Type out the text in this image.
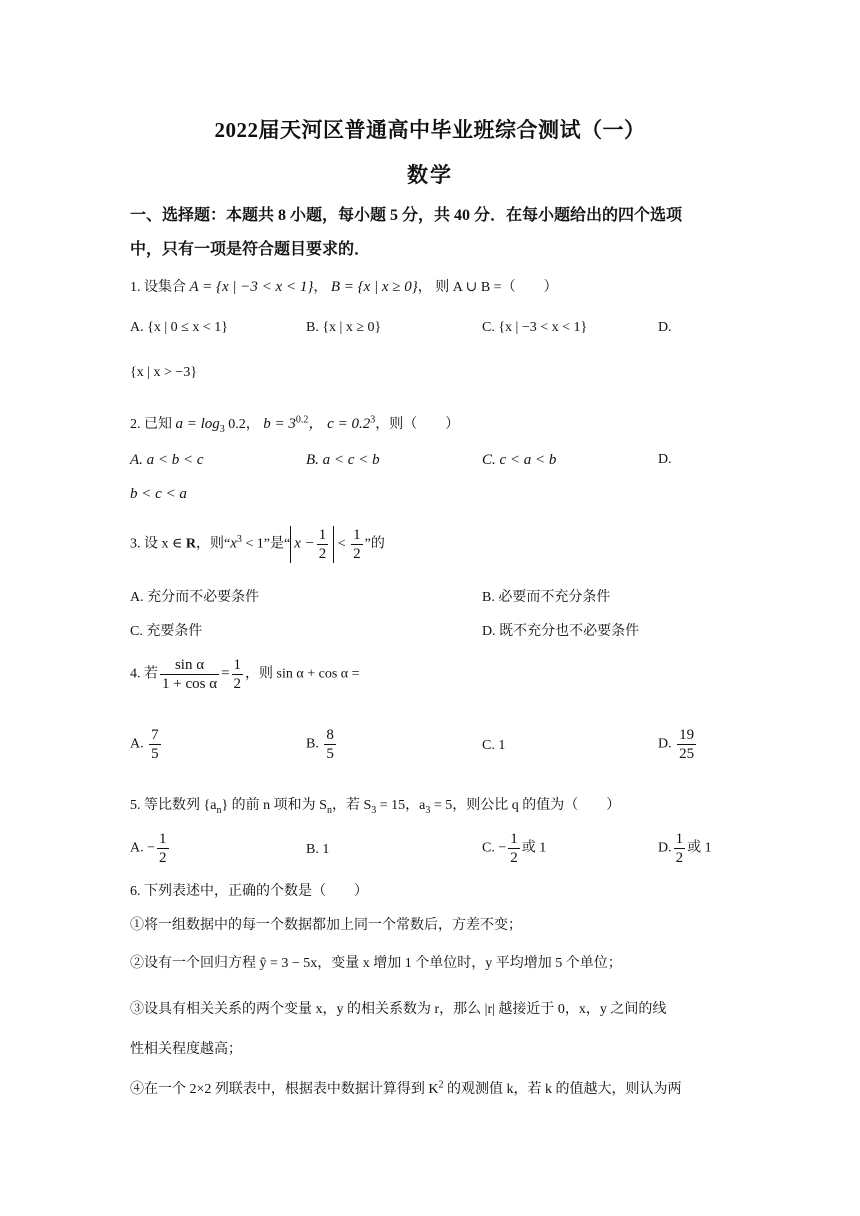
2022届天河区普通高中毕业班综合测试（一）
数学
一、选择题：本题共 8 小题，每小题 5 分，共 40 分．在每小题给出的四个选项
中，只有一项是符合题目要求的．
1. 设集合 A = {x | −3 < x < 1}， B = {x | x ≥ 0}， 则 A ∪ B =（　　）
A. {x | 0 ≤ x < 1}	B. {x | x ≥ 0}	C. {x | −3 < x < 1}	D.
{x | x > −3}
2. 已知 $a = \log_3 0.2$， $b = 3^{0.2}$， $c = 0.2^3$，则（　　）
A. a < b < c	B. a < c < b	C. c < a < b	D.
b < c < a
3. 设 x ∈ R，则“$x^3 < 1$”是“ $x - \frac{1}{2} < \frac{1}{2}$ ”的
A. 充分而不必要条件	B. 必要而不充分条件
C. 充要条件	D. 既不充分也不必要条件
4. 若 $\frac{\text{sin α}}{\text{1 + cos α}} = \frac{1}{2}$ ，则 sin α + cos α =
A. $\frac{7}{5}$	B. $\frac{8}{5}$	C. 1	D. $\frac{19}{25}$
5. 等比数列 $\{a_n\}$ 的前 n 项和为 $S_n$，若 $S_3 = 15$，$a_3 = 5$，则公比 q 的值为（　　）
A. − $\frac{1}{2}$	B. 1	C. − $\frac{1}{2}$ 或 1	D. $\frac{1}{2}$ 或 1
6. 下列表述中，正确的个数是（　　）
①将一组数据中的每一个数据都加上同一个常数后，方差不变；
②设有一个回归方程 ŷ = 3 − 5x，变量 x 增加 1 个单位时，y 平均增加 5 个单位；
③设具有相关关系的两个变量 x，y 的相关系数为 r，那么 |r| 越接近于 0，x，y 之间的线
性相关程度越高；
④在一个 2×2 列联表中，根据表中数据计算得到 $K^2$ 的观测值 k，若 k 的值越大，则认为两
